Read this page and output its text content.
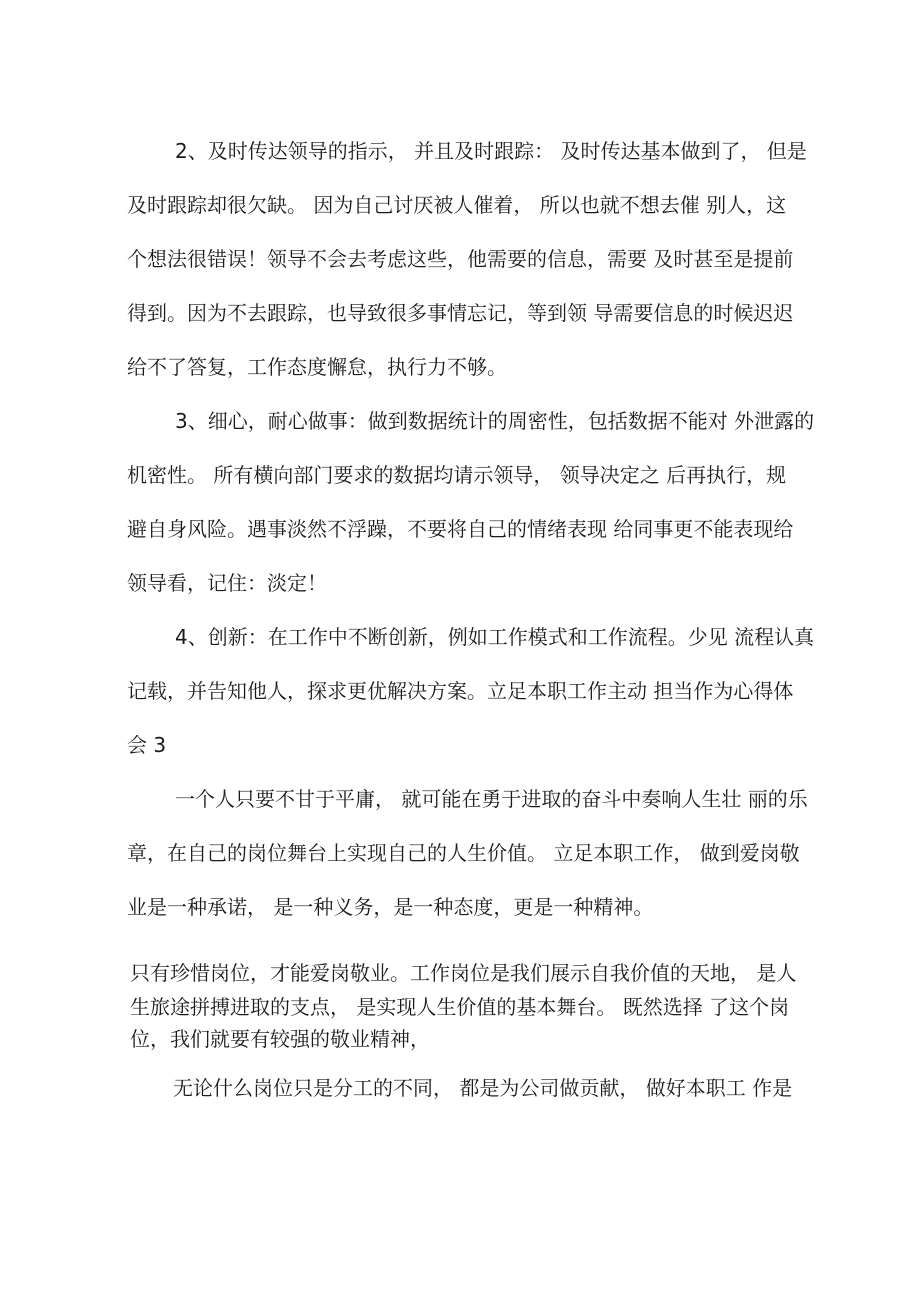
2、及时传达领导的指示， 并且及时跟踪： 及时传达基本做到了， 但是
及时跟踪却很欠缺。 因为自己讨厌被人催着， 所以也就不想去催 别人，这
个想法很错误！领导不会去考虑这些，他需要的信息，需要 及时甚至是提前
得到。因为不去跟踪，也导致很多事情忘记，等到领 导需要信息的时候迟迟
给不了答复，工作态度懈怠，执行力不够。
3、细心，耐心做事：做到数据统计的周密性，包括数据不能对 外泄露的
机密性。 所有横向部门要求的数据均请示领导， 领导决定之 后再执行，规
避自身风险。遇事淡然不浮躁，不要将自己的情绪表现 给同事更不能表现给
领导看，记住：淡定！
4、创新：在工作中不断创新，例如工作模式和工作流程。少见 流程认真
记载，并告知他人，探求更优解决方案。立足本职工作主动 担当作为心得体
会 3
一个人只要不甘于平庸， 就可能在勇于进取的奋斗中奏响人生壮 丽的乐
章，在自己的岗位舞台上实现自己的人生价值。 立足本职工作， 做到爱岗敬
业是一种承诺， 是一种义务，是一种态度，更是一种精神。
只有珍惜岗位，才能爱岗敬业。工作岗位是我们展示自我价值的天地， 是人
生旅途拼搏进取的支点， 是实现人生价值的基本舞台。 既然选择 了这个岗
位，我们就要有较强的敬业精神，
无论什么岗位只是分工的不同， 都是为公司做贡献， 做好本职工 作是
